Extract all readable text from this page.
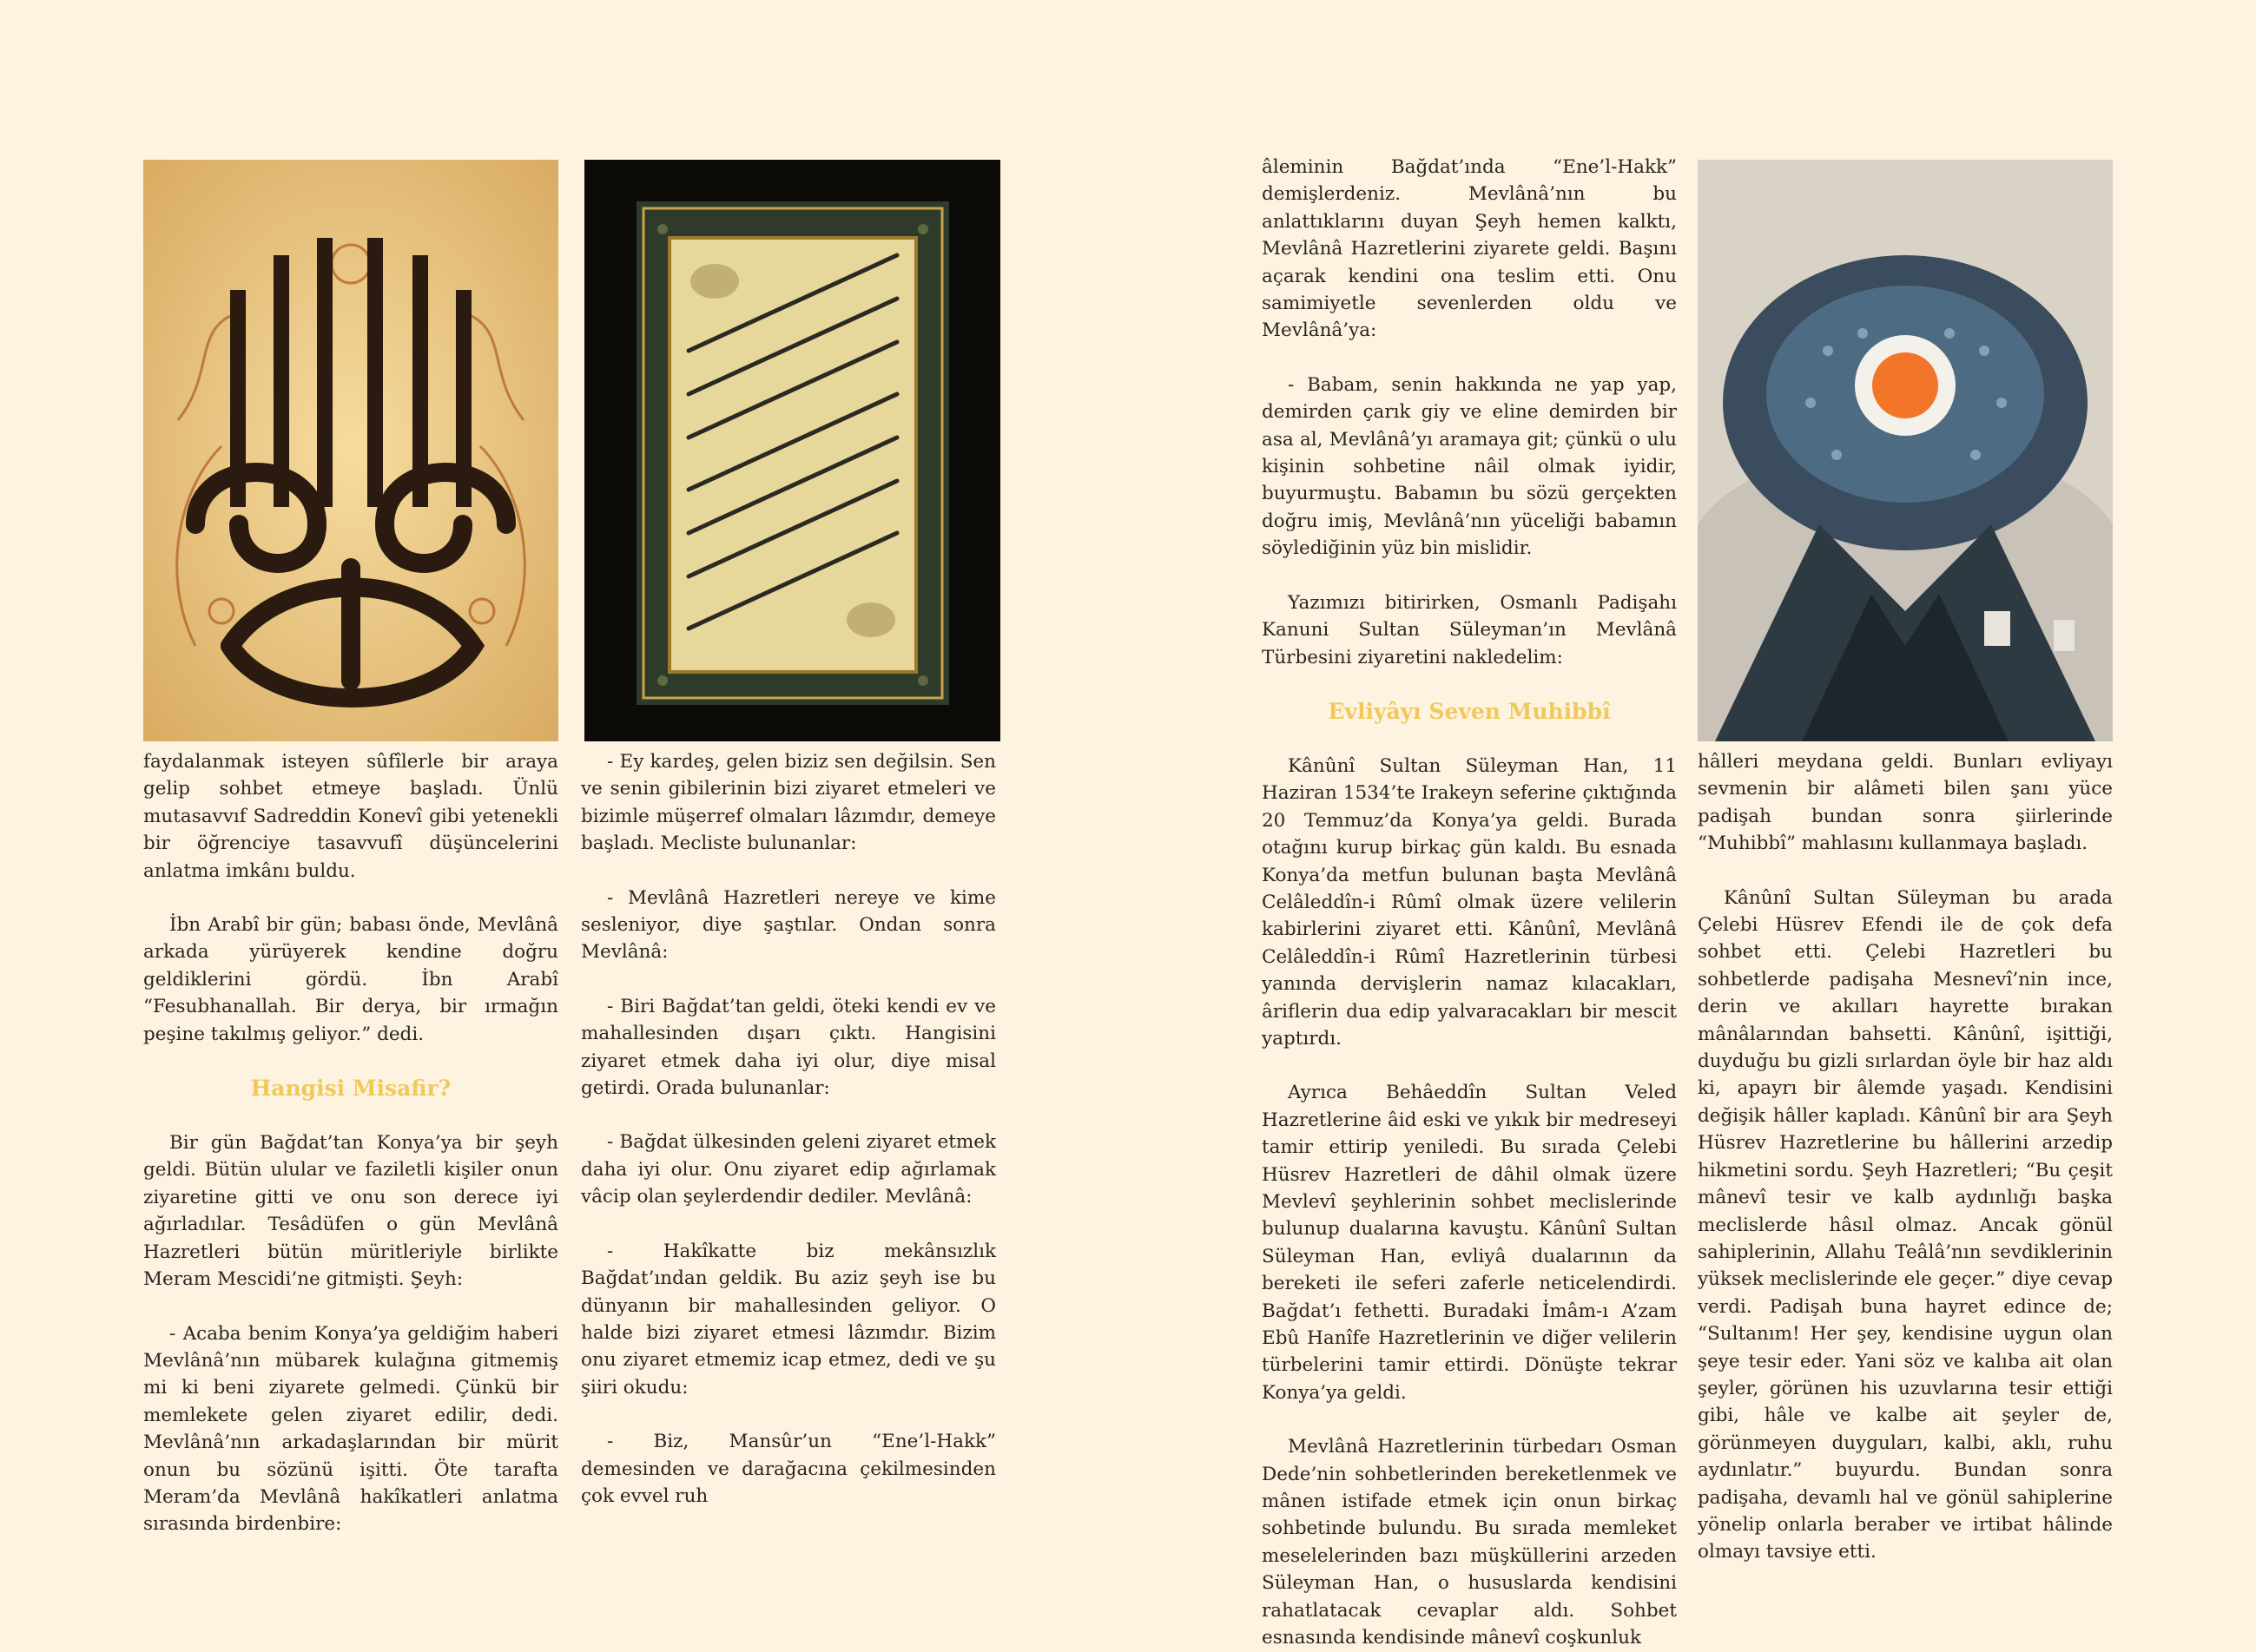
faydalanmak isteyen sûfîlerle bir araya gelip sohbet etmeye başladı. Ünlü mutasavvıf Sadreddin Konevî gibi yetenekli bir öğrenciye tasavvufî düşüncelerini anlatma imkânı buldu.

İbn Arabî bir gün; babası önde, Mevlânâ arkada yürüyerek kendine doğru geldiklerini gördü. İbn Arabî “Fesubhanallah. Bir derya, bir ırmağın peşine takılmış geliyor.” dedi.

Hangisi Misafir?

Bir gün Bağdat’tan Konya’ya bir şeyh geldi. Bütün ulular ve faziletli kişiler onun ziyaretine gitti ve onu son derece iyi ağırladılar. Tesâdüfen o gün Mevlânâ Hazretleri bütün müritleriyle birlikte Meram Mescidi’ne gitmişti. Şeyh:

- Acaba benim Konya’ya geldiğim haberi Mevlânâ’nın mübarek kulağına gitmemiş mi ki beni ziyarete gelmedi. Çünkü bir memlekete gelen ziyaret edilir, dedi. Mevlânâ’nın arkadaşlarından bir mürit onun bu sözünü işitti. Öte tarafta Meram’da Mevlânâ hakîkatleri anlatma sırasında birdenbire:

- Ey kardeş, gelen biziz sen değilsin. Sen ve senin gibilerinin bizi ziyaret etmeleri ve bizimle müşerref olmaları lâzımdır, demeye başladı. Mecliste bulunanlar:

- Mevlânâ Hazretleri nereye ve kime sesleniyor, diye şaştılar. Ondan sonra Mevlânâ:

- Biri Bağdat’tan geldi, öteki kendi ev ve mahallesinden dışarı çıktı. Hangisini ziyaret etmek daha iyi olur, diye misal getirdi. Orada bulunanlar:

- Bağdat ülkesinden geleni ziyaret etmek daha iyi olur. Onu ziyaret edip ağırlamak vâcip olan şeylerdendir dediler. Mevlânâ:

- Hakîkatte biz mekânsızlık Bağdat’ından geldik. Bu aziz şeyh ise bu dünyanın bir mahallesinden geliyor. O halde bizi ziyaret etmesi lâzımdır. Bizim onu ziyaret etmemiz icap etmez, dedi ve şu şiiri okudu:

- Biz, Mansûr’un “Ene’l-Hakk” demesinden ve darağacına çekilmesinden çok evvel ruh

âleminin Bağdat’ında “Ene’l-Hakk” demişlerdeniz. Mevlânâ’nın bu anlattıklarını duyan Şeyh hemen kalktı, Mevlânâ Hazretlerini ziyarete geldi. Başını açarak kendini ona teslim etti. Onu samimiyetle sevenlerden oldu ve Mevlânâ’ya:

- Babam, senin hakkında ne yap yap, demirden çarık giy ve eline demirden bir asa al, Mevlânâ’yı aramaya git; çünkü o ulu kişinin sohbetine nâil olmak iyidir, buyurmuştu. Babamın bu sözü gerçekten doğru imiş, Mevlânâ’nın yüceliği babamın söylediğinin yüz bin mislidir.

Yazımızı bitirirken, Osmanlı Padişahı Kanuni Sultan Süleyman’ın Mevlânâ Türbesini ziyaretini nakledelim:

Evliyâyı Seven Muhibbî

Kânûnî Sultan Süleyman Han, 11 Haziran 1534’te Irakeyn seferine çıktığında 20 Temmuz’da Konya’ya geldi. Burada otağını kurup birkaç gün kaldı. Bu esnada Konya’da metfun bulunan başta Mevlânâ Celâleddîn-i Rûmî olmak üzere velilerin kabirlerini ziyaret etti. Kânûnî, Mevlânâ Celâleddîn-i Rûmî Hazretlerinin türbesi yanında dervişlerin namaz kılacakları, âriflerin dua edip yalvaracakları bir mescit yaptırdı.

Ayrıca Behâeddîn Sultan Veled Hazretlerine âid eski ve yıkık bir medreseyi tamir ettirip yeniledi. Bu sırada Çelebi Hüsrev Hazretleri de dâhil olmak üzere Mevlevî şeyhlerinin sohbet meclislerinde bulunup dualarına kavuştu. Kânûnî Sultan Süleyman Han, evliyâ dualarının da bereketi ile seferi zaferle neticelendirdi. Bağdat’ı fethetti. Buradaki İmâm-ı A’zam Ebû Hanîfe Hazretlerinin ve diğer velilerin türbelerini tamir ettirdi. Dönüşte tekrar Konya’ya geldi.

Mevlânâ Hazretlerinin türbedarı Osman Dede’nin sohbetlerinden bereketlenmek ve mânen istifade etmek için onun birkaç sohbetinde bulundu. Bu sırada memleket meselelerinden bazı müşküllerini arzeden Süleyman Han, o hususlarda kendisini rahatlatacak cevaplar aldı. Sohbet esnasında kendisinde mânevî coşkunluk

hâlleri meydana geldi. Bunları evliyayı sevmenin bir alâmeti bilen şanı yüce padişah bundan sonra şiirlerinde “Muhibbî” mahlasını kullanmaya başladı.

Kânûnî Sultan Süleyman bu arada Çelebi Hüsrev Efendi ile de çok defa sohbet etti. Çelebi Hazretleri bu sohbetlerde padişaha Mesnevî’nin ince, derin ve akılları hayrette bırakan mânâlarından bahsetti. Kânûnî, işittiği, duyduğu bu gizli sırlardan öyle bir haz aldı ki, apayrı bir âlemde yaşadı. Kendisini değişik hâller kapladı. Kânûnî bir ara Şeyh Hüsrev Hazretlerine bu hâllerini arzedip hikmetini sordu. Şeyh Hazretleri; “Bu çeşit mânevî tesir ve kalb aydınlığı başka meclislerde hâsıl olmaz. Ancak gönül sahiplerinin, Allahu Teâlâ’nın sevdiklerinin yüksek meclislerinde ele geçer.” diye cevap verdi. Padişah buna hayret edince de; “Sultanım! Her şey, kendisine uygun olan şeye tesir eder. Yani söz ve kalıba ait olan şeyler, görünen his uzuvlarına tesir ettiği gibi, hâle ve kalbe ait şeyler de, görünmeyen duyguları, kalbi, aklı, ruhu aydınlatır.” buyurdu. Bundan sonra padişaha, devamlı hal ve gönül sahiplerine yönelip onlarla beraber ve irtibat hâlinde olmayı tavsiye etti.
